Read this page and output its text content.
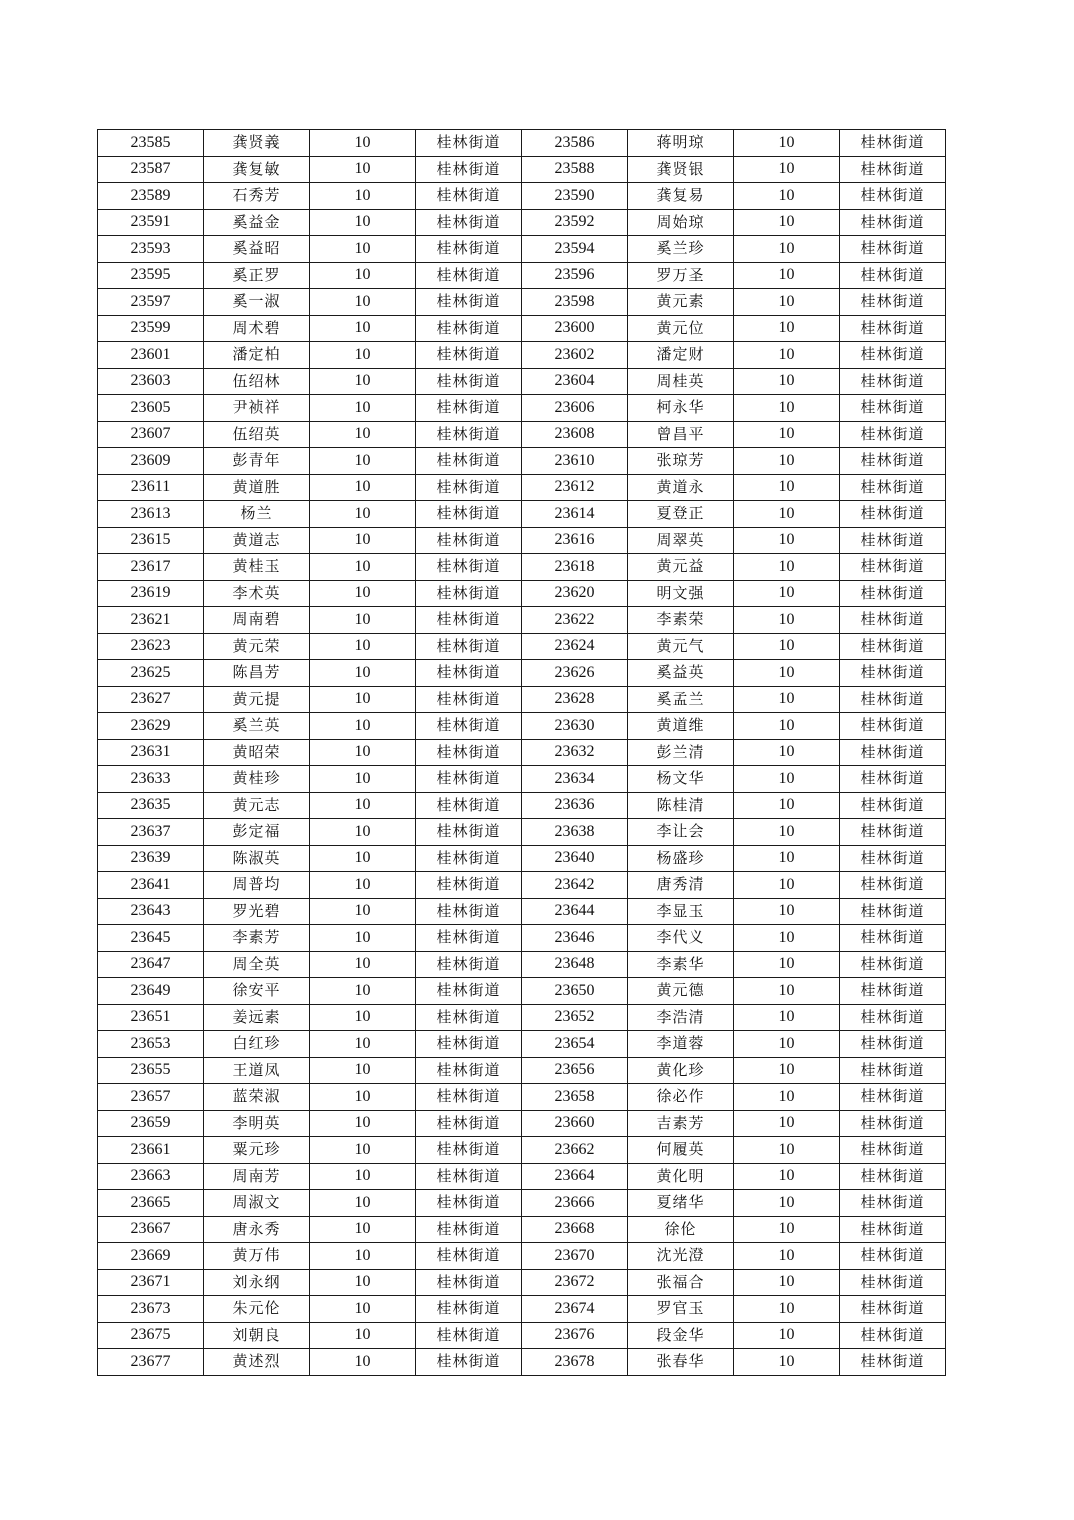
23585	龚贤義	10	桂林街道	23586	蒋明琼	10	桂林街道
23587	龚复敏	10	桂林街道	23588	龚贤银	10	桂林街道
23589	石秀芳	10	桂林街道	23590	龚复易	10	桂林街道
23591	奚益金	10	桂林街道	23592	周始琼	10	桂林街道
23593	奚益昭	10	桂林街道	23594	奚兰珍	10	桂林街道
23595	奚正罗	10	桂林街道	23596	罗万圣	10	桂林街道
23597	奚一淑	10	桂林街道	23598	黄元素	10	桂林街道
23599	周术碧	10	桂林街道	23600	黄元位	10	桂林街道
23601	潘定柏	10	桂林街道	23602	潘定财	10	桂林街道
23603	伍绍林	10	桂林街道	23604	周桂英	10	桂林街道
23605	尹祯祥	10	桂林街道	23606	柯永华	10	桂林街道
23607	伍绍英	10	桂林街道	23608	曾昌平	10	桂林街道
23609	彭青年	10	桂林街道	23610	张琼芳	10	桂林街道
23611	黄道胜	10	桂林街道	23612	黄道永	10	桂林街道
23613	杨兰	10	桂林街道	23614	夏登正	10	桂林街道
23615	黄道志	10	桂林街道	23616	周翠英	10	桂林街道
23617	黄桂玉	10	桂林街道	23618	黄元益	10	桂林街道
23619	李术英	10	桂林街道	23620	明文强	10	桂林街道
23621	周南碧	10	桂林街道	23622	李素荣	10	桂林街道
23623	黄元荣	10	桂林街道	23624	黄元气	10	桂林街道
23625	陈昌芳	10	桂林街道	23626	奚益英	10	桂林街道
23627	黄元提	10	桂林街道	23628	奚孟兰	10	桂林街道
23629	奚兰英	10	桂林街道	23630	黄道维	10	桂林街道
23631	黄昭荣	10	桂林街道	23632	彭兰清	10	桂林街道
23633	黄桂珍	10	桂林街道	23634	杨文华	10	桂林街道
23635	黄元志	10	桂林街道	23636	陈桂清	10	桂林街道
23637	彭定福	10	桂林街道	23638	李让会	10	桂林街道
23639	陈淑英	10	桂林街道	23640	杨盛珍	10	桂林街道
23641	周普均	10	桂林街道	23642	唐秀清	10	桂林街道
23643	罗光碧	10	桂林街道	23644	李显玉	10	桂林街道
23645	李素芳	10	桂林街道	23646	李代义	10	桂林街道
23647	周全英	10	桂林街道	23648	李素华	10	桂林街道
23649	徐安平	10	桂林街道	23650	黄元德	10	桂林街道
23651	姜远素	10	桂林街道	23652	李浩清	10	桂林街道
23653	白红珍	10	桂林街道	23654	李道蓉	10	桂林街道
23655	王道凤	10	桂林街道	23656	黄化珍	10	桂林街道
23657	蓝荣淑	10	桂林街道	23658	徐必作	10	桂林街道
23659	李明英	10	桂林街道	23660	吉素芳	10	桂林街道
23661	粟元珍	10	桂林街道	23662	何履英	10	桂林街道
23663	周南芳	10	桂林街道	23664	黄化明	10	桂林街道
23665	周淑文	10	桂林街道	23666	夏绪华	10	桂林街道
23667	唐永秀	10	桂林街道	23668	徐伦	10	桂林街道
23669	黄万伟	10	桂林街道	23670	沈光澄	10	桂林街道
23671	刘永纲	10	桂林街道	23672	张福合	10	桂林街道
23673	朱元伦	10	桂林街道	23674	罗官玉	10	桂林街道
23675	刘朝良	10	桂林街道	23676	段金华	10	桂林街道
23677	黄述烈	10	桂林街道	23678	张春华	10	桂林街道
